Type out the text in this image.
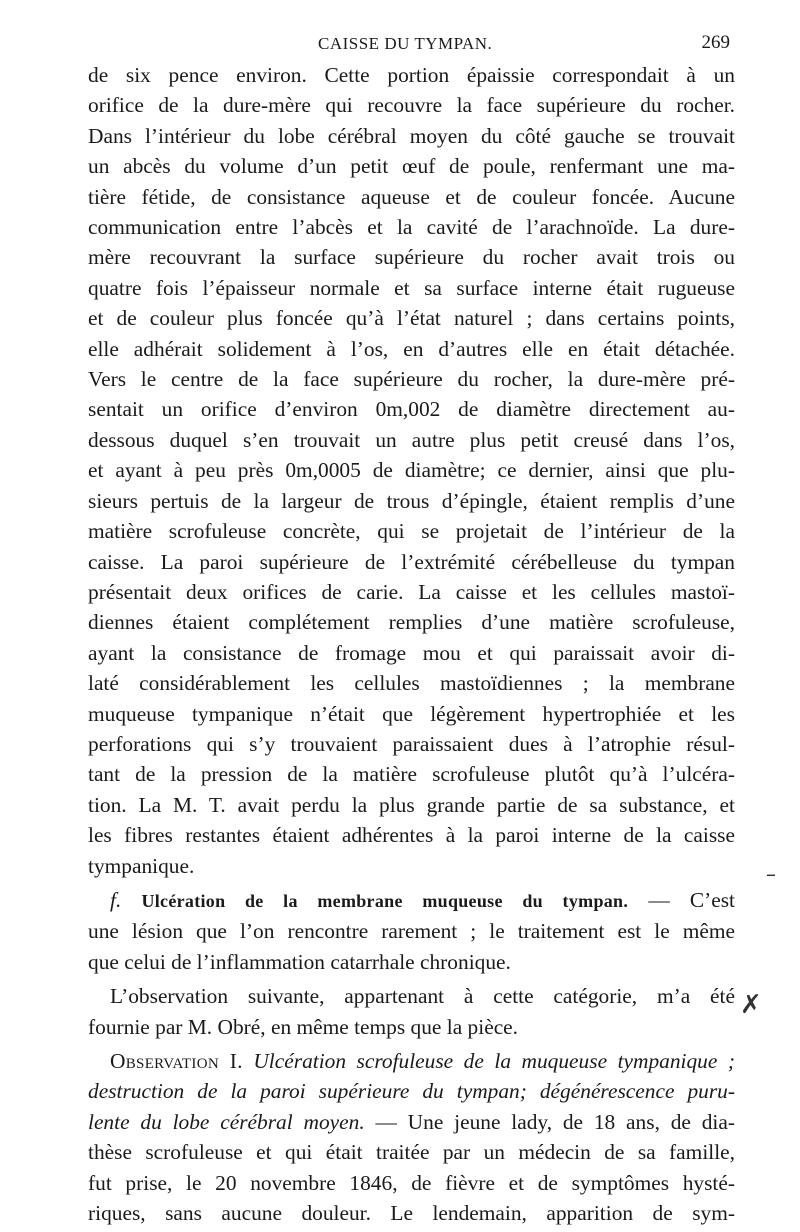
CAISSE DU TYMPAN.	269
de six pence environ. Cette portion épaissie correspondait à un
orifice de la dure-mère qui recouvre la face supérieure du rocher.
Dans l’intérieur du lobe cérébral moyen du côté gauche se trouvait
un abcès du volume d’un petit œuf de poule, renfermant une ma-
tière fétide, de consistance aqueuse et de couleur foncée. Aucune
communication entre l’abcès et la cavité de l’arachnoïde. La dure-
mère recouvrant la surface supérieure du rocher avait trois ou
quatre fois l’épaisseur normale et sa surface interne était rugueuse
et de couleur plus foncée qu’à l’état naturel ; dans certains points,
elle adhérait solidement à l’os, en d’autres elle en était détachée.
Vers le centre de la face supérieure du rocher, la dure-mère pré-
sentait un orifice d’environ 0m,002 de diamètre directement au-
dessous duquel s’en trouvait un autre plus petit creusé dans l’os,
et ayant à peu près 0m,0005 de diamètre; ce dernier, ainsi que plu-
sieurs pertuis de la largeur de trous d’épingle, étaient remplis d’une
matière scrofuleuse concrète, qui se projetait de l’intérieur de la
caisse. La paroi supérieure de l’extrémité cérébelleuse du tympan
présentait deux orifices de carie. La caisse et les cellules mastoï-
diennes étaient complétement remplies d’une matière scrofuleuse,
ayant la consistance de fromage mou et qui paraissait avoir di-
laté considérablement les cellules mastoïdiennes ; la membrane
muqueuse tympanique n’était que légèrement hypertrophiée et les
perforations qui s’y trouvaient paraissaient dues à l’atrophie résul-
tant de la pression de la matière scrofuleuse plutôt qu’à l’ulcéra-
tion. La M. T. avait perdu la plus grande partie de sa substance, et
les fibres restantes étaient adhérentes à la paroi interne de la caisse
tympanique.
f. Ulcération de la membrane muqueuse du tympan. — C’est
une lésion que l’on rencontre rarement ; le traitement est le même
que celui de l’inflammation catarrhale chronique.
L’observation suivante, appartenant à cette catégorie, m’a été
fournie par M. Obré, en même temps que la pièce.
Observation I. Ulcération scrofuleuse de la muqueuse tympanique ;
destruction de la paroi supérieure du tympan; dégénérescence puru-
lente du lobe cérébral moyen. — Une jeune lady, de 18 ans, de dia-
thèse scrofuleuse et qui était traitée par un médecin de sa famille,
fut prise, le 20 novembre 1846, de fièvre et de symptômes hysté-
riques, sans aucune douleur. Le lendemain, apparition de sym-
–
✗
